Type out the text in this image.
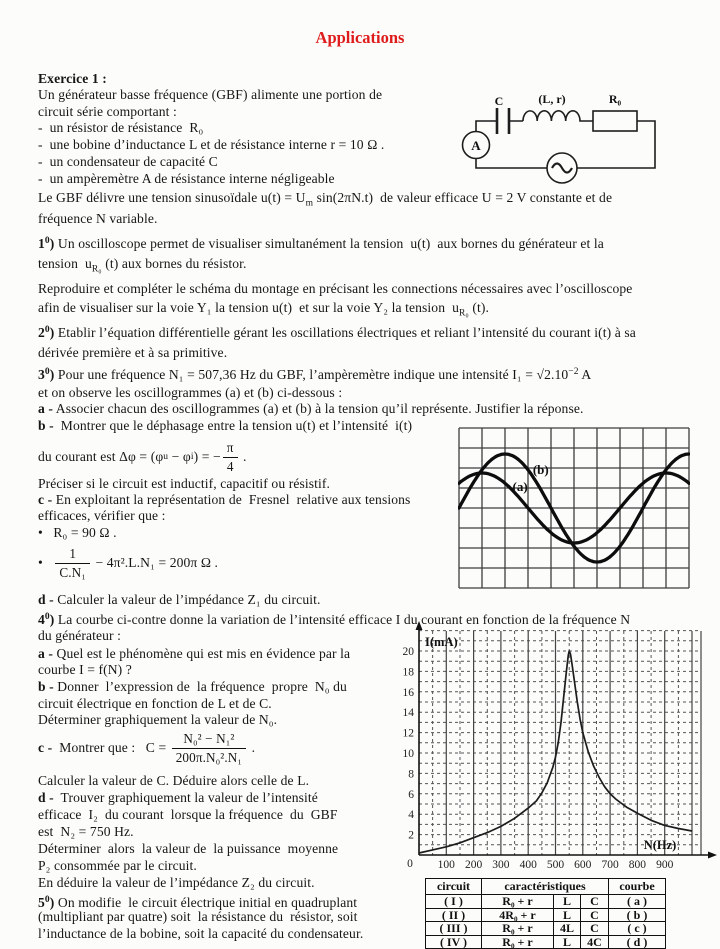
Applications
Exercice 1 :
Un générateur basse fréquence (GBF) alimente une portion de
circuit série comportant :
-  un résistor de résistance  R₀
-  une bobine d’inductance L et de résistance interne r = 10 Ω .
-  un condensateur de capacité C
-  un ampèremètre A de résistance interne négligeable
Le GBF délivre une tension sinusoïdale $u(t) = U_m$ sin(2πN.t)  de valeur efficace U = 2 V constante et de
fréquence N variable.
$1^0$) Un oscilloscope permet de visualiser simultanément la tension  u(t)  aux bornes du générateur et la
tension  $u_{R_0}$ (t) aux bornes du résistor.
Reproduire et compléter le schéma du montage en précisant les connections nécessaires avec l’oscilloscope
afin de visualiser sur la voie Y₁ la tension u(t)  et sur la voie Y₂ la tension  $u_{R_0}$ (t).
$2^0$) Etablir l’équation différentielle gérant les oscillations électriques et reliant l’intensité du courant i(t) à sa
dérivée première et à sa primitive.
$3^0$) Pour une fréquence N₁ = 507,36 Hz du GBF, l’ampèremètre indique une intensité $I_1 = √2.10^{-2}$ A
et on observe les oscillogrammes (a) et (b) ci-dessous :
a - Associer chacun des oscillogrammes (a) et (b) à la tension qu’il représente. Justifier la réponse.
b -  Montrer que le déphasage entre la tension u(t) et l’intensité  i(t)
du courant est Δφ = (φ u − φ i ) = − $\frac{\pi}{4}$ .
Préciser si le circuit est inductif, capacitif ou résistif.
c - En exploitant la représentation de  Fresnel  relative aux tensions
efficaces, vérifier que :
•   R₀ = 90 Ω .
• $\frac{1}{\text{C.N₁}} - 4\pi^2.L.N_1 = 200\pi$ Ω .
d - Calculer la valeur de l’impédance Z₁ du circuit.
$4^0$) La courbe ci-contre donne la variation de l’intensité efficace I du courant en fonction de la fréquence N
du générateur :
a - Quel est le phénomène qui est mis en évidence par la
courbe I = f(N) ?
b - Donner  l’expression de  la fréquence  propre  N₀ du
circuit électrique en fonction de L et de C.
Déterminer graphiquement la valeur de N₀.
c - Montrer que :   $C = \frac{\text{N₀² − N₁²}}{\text{200π.N₀².N₁}}$ .
Calculer la valeur de C. Déduire alors celle de L.
d -  Trouver graphiquement la valeur de l’intensité
efficace  I₂  du courant  lorsque la fréquence  du  GBF
est  N₂ = 750 Hz.
Déterminer  alors  la valeur de  la puissance  moyenne
P₂ consommée par le circuit.
En déduire la valeur de l’impédance Z₂ du circuit.
$5^0$) On modifie  le circuit électrique initial en quadruplant
(multipliant par quatre) soit  la résistance du  résistor, soit
l’inductance de la bobine, soit la capacité du condensateur.
C	(L, r)	R₀
A
(a)
(b)
2
4
6
8
10
12
14
16
18
20
0 100 200 300 400 500 600 700 800 900
I(mA)
N(Hz)
circuit	caractéristiques			courbe
( I )	R₀ + r	L	C	( a )
( II )	4R₀ + r	L	C	( b )
( III )	R₀ + r	4L	C	( c )
( IV )	R₀ + r	L	4C	( d )
